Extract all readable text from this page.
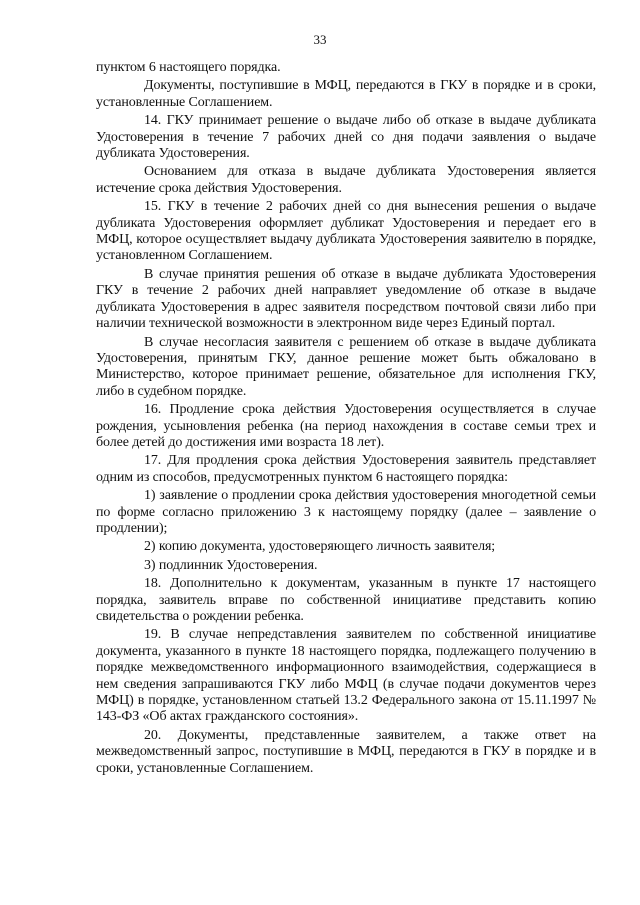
33

пунктом 6 настоящего порядка.

Документы, поступившие в МФЦ, передаются в ГКУ в порядке и в сроки, установленные Соглашением.

14. ГКУ принимает решение о выдаче либо об отказе в выдаче дубликата Удостоверения в течение 7 рабочих дней со дня подачи заявления о выдаче дубликата Удостоверения.

Основанием для отказа в выдаче дубликата Удостоверения является истечение срока действия Удостоверения.

15. ГКУ в течение 2 рабочих дней со дня вынесения решения о выдаче дубликата Удостоверения оформляет дубликат Удостоверения и передает его в МФЦ, которое осуществляет выдачу дубликата Удостоверения заявителю в порядке, установленном Соглашением.

В случае принятия решения об отказе в выдаче дубликата Удостоверения ГКУ в течение 2 рабочих дней направляет уведомление об отказе в выдаче дубликата Удостоверения в адрес заявителя посредством почтовой связи либо при наличии технической возможности в электронном виде через Единый портал.

В случае несогласия заявителя с решением об отказе в выдаче дубликата Удостоверения, принятым ГКУ, данное решение может быть обжаловано в Министерство, которое принимает решение, обязательное для исполнения ГКУ, либо в судебном порядке.

16. Продление срока действия Удостоверения осуществляется в случае рождения, усыновления ребенка (на период нахождения в составе семьи трех и более детей до достижения ими возраста 18 лет).

17. Для продления срока действия Удостоверения заявитель представляет одним из способов, предусмотренных пунктом 6 настоящего порядка:

1) заявление о продлении срока действия удостоверения многодетной семьи по форме согласно приложению 3 к настоящему порядку (далее – заявление о продлении);

2) копию документа, удостоверяющего личность заявителя;

3) подлинник Удостоверения.

18. Дополнительно к документам, указанным в пункте 17 настоящего порядка, заявитель вправе по собственной инициативе представить копию свидетельства о рождении ребенка.

19. В случае непредставления заявителем по собственной инициативе документа, указанного в пункте 18 настоящего порядка, подлежащего получению в порядке межведомственного информационного взаимодействия, содержащиеся в нем сведения запрашиваются ГКУ либо МФЦ (в случае подачи документов через МФЦ) в порядке, установленном статьей 13.2 Федерального закона от 15.11.1997 № 143-ФЗ «Об актах гражданского состояния».

20. Документы, представленные заявителем, а также ответ на межведомственный запрос, поступившие в МФЦ, передаются в ГКУ в порядке и в сроки, установленные Соглашением.
